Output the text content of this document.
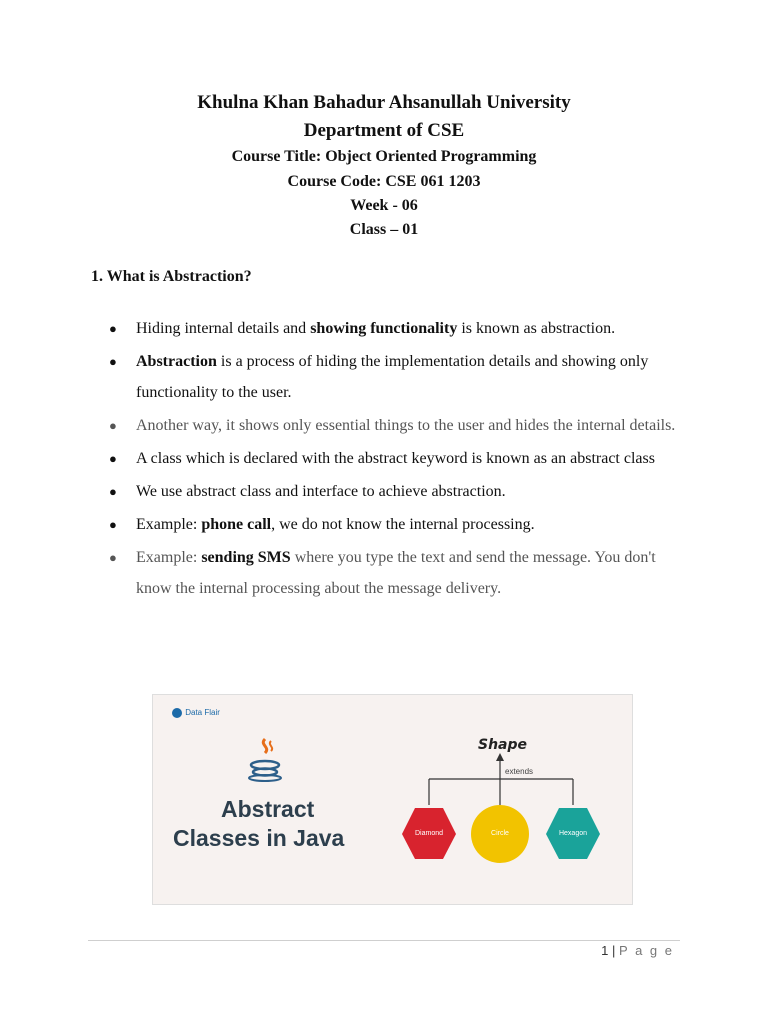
Khulna Khan Bahadur Ahsanullah University
Department of CSE
Course Title: Object Oriented Programming
Course Code: CSE 061 1203
Week - 06
Class – 01
1. What is Abstraction?
● Hiding internal details and showing functionality is known as abstraction.
● Abstraction is a process of hiding the implementation details and showing only functionality to the user.
● Another way, it shows only essential things to the user and hides the internal details.
● A class which is declared with the abstract keyword is known as an abstract class
● We use abstract class and interface to achieve abstraction.
● Example: phone call, we do not know the internal processing.
● Example: sending SMS where you type the text and send the message. You don't know the internal processing about the message delivery.
Data Flair
Abstract
Classes in Java
Shape
extends
Diamond	Circle	Hexagon
1 | P a g e
